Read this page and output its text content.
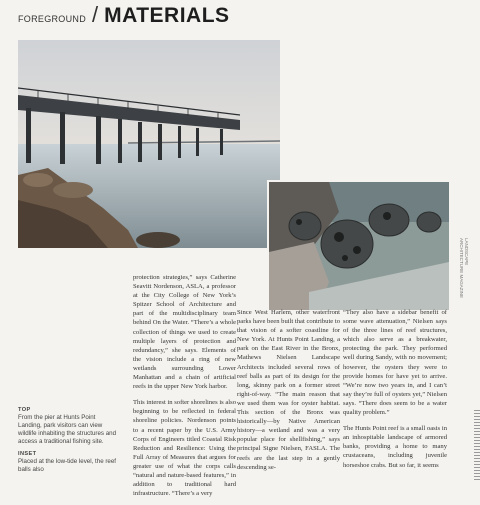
FOREGROUND / MATERIALS
TOP
From the pier at Hunts Point Landing, park visitors can view wildlife inhabiting the structures and access a traditional fishing site.
INSET
Placed at the low-tide level, the reef balls also

protection strategies,” says Catherine Seavitt Nordenson, ASLA, a professor at the City College of New York’s Spitzer School of Architecture and part of the multidisciplinary team behind On the Water. “There’s a whole collection of things we used to create multiple layers of protection and redundancy,” she says. Elements of the vision include a ring of new wetlands surrounding Lower Manhattan and a chain of artificial reefs in the upper New York harbor.

This interest in softer shorelines is also beginning to be reflected in federal shoreline policies. Nordenson points to a recent paper by the U.S. Army Corps of Engineers titled Coastal Risk Reduction and Resilience: Using the Full Array of Measures that argues for greater use of what the corps calls “natural and nature-based features,” in addition to traditional hard infrastructure. “There’s a very

Since West Harlem, other waterfront parks have been built that contribute to that vision of a softer coastline for New York. At Hunts Point Landing, a park on the East River in the Bronx, Mathews Nielsen Landscape Architects included several rows of reef balls as part of its design for the long, skinny park on a former street right-of-way. “The main reason that we used them was for oyster habitat. This section of the Bronx was historically—by Native American history—a wetland and was a very popular place for shellfishing,” says principal Signe Nielsen, FASLA. The reefs are the last step in a gently descending se-

“They also have a sidebar benefit of some wave attenuation,” Nielsen says of the three lines of reef structures, which also serve as a breakwater, protecting the park. They performed well during Sandy, with no movement; however, the oysters they were to provide homes for have yet to arrive. “We’re now two years in, and I can’t say they’re full of oysters yet,” Nielsen says. “There does seem to be a water quality problem.”

The Hunts Point reef is a small oasis in an inhospitable landscape of armored banks, providing a home to many crustaceans, including juvenile horseshoe crabs. But so far, it seems

LANDSCAPE ARCHITECTURE MAGAZINE
